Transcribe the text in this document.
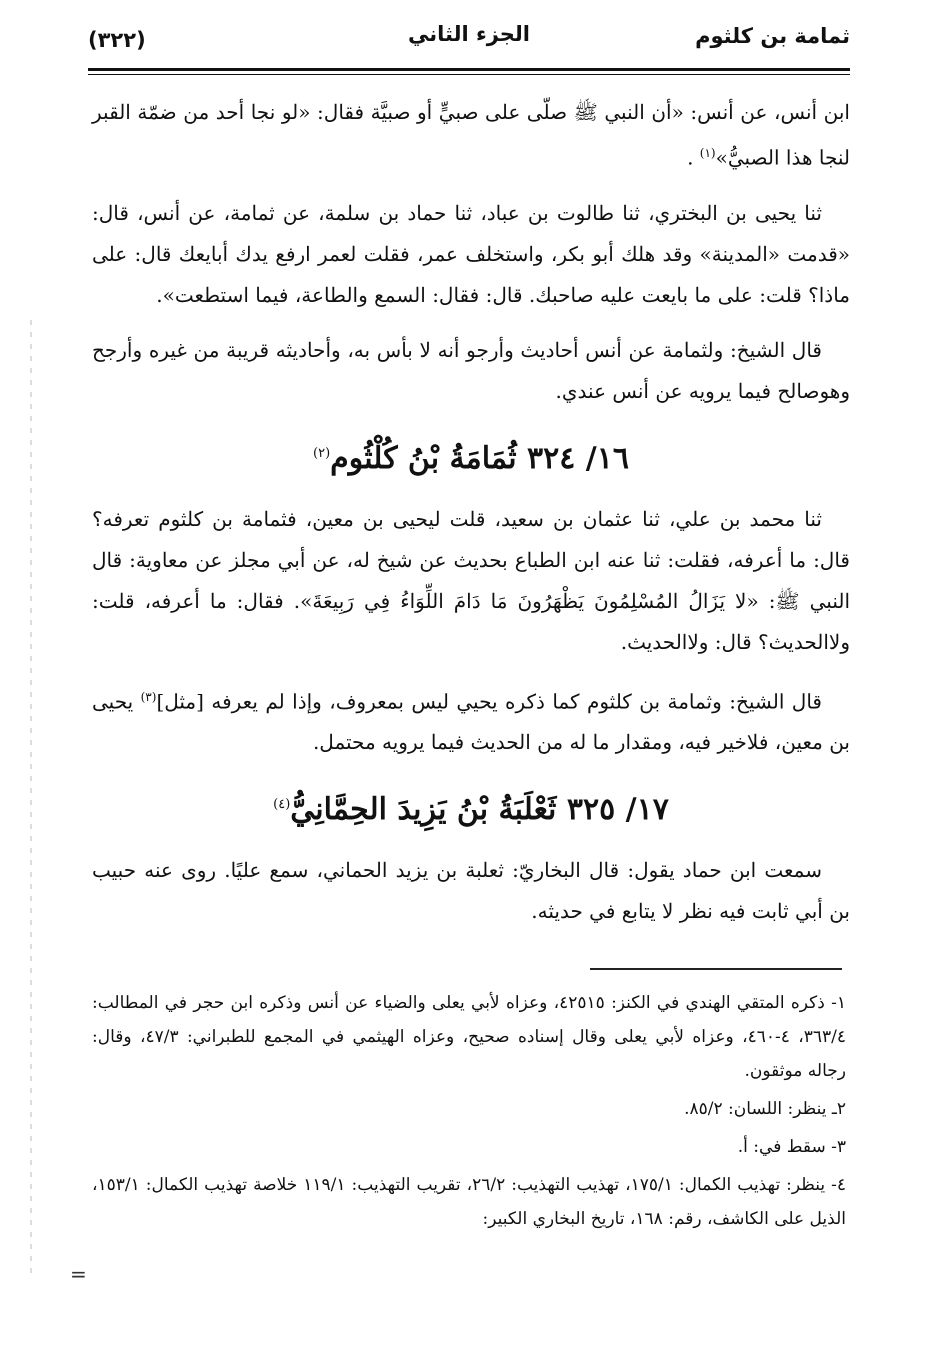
ثمامة بن كلثوم
الجزء الثاني
(٣٢٢)

ابن أنس، عن أنس: «أن النبي ﷺ صلّى على صبيٍّ أو صبيَّة فقال: «لو نجا أحد من ضمّة القبر لنجا هذا الصبيُّ»$^{(١)}$ .

ثنا يحيى بن البختري، ثنا طالوت بن عباد، ثنا حماد بن سلمة، عن ثمامة، عن أنس، قال: «قدمت «المدينة» وقد هلك أبو بكر، واستخلف عمر، فقلت لعمر ارفع يدك أبايعك قال: على ماذا؟ قلت: على ما بايعت عليه صاحبك. قال: فقال: السمع والطاعة، فيما استطعت».

قال الشيخ: ولثمامة عن أنس أحاديث وأرجو أنه لا بأس به، وأحاديثه قريبة من غيره وأرجح وهوصالح فيما يرويه عن أنس عندي.

١٦/ ٣٢٤ ثُمَامَةُ بْنُ كُلْثُوم$^{(٢)}$

ثنا محمد بن علي، ثنا عثمان بن سعيد، قلت ليحيى بن معين، فثمامة بن كلثوم تعرفه؟ قال: ما أعرفه، فقلت: ثنا عنه ابن الطباع بحديث عن شيخ له، عن أبي مجلز عن معاوية: قال النبي ﷺ: «لا يَزَالُ المُسْلِمُونَ يَظْهَرُونَ مَا دَامَ اللِّوَاءُ فِي رَبِيعَةَ». فقال: ما أعرفه، قلت: ولاالحديث؟ قال: ولاالحديث.

قال الشيخ: وثمامة بن كلثوم كما ذكره يحيي ليس بمعروف، وإذا لم يعرفه [مثل]$^{(٣)}$ يحيى بن معين، فلاخير فيه، ومقدار ما له من الحديث فيما يرويه محتمل.

١٧/ ٣٢٥ ثَعْلَبَةُ بْنُ يَزِيدَ الحِمَّانِيُّ$^{(٤)}$

سمعت ابن حماد يقول: قال البخاريّ: ثعلبة بن يزيد الحماني، سمع عليًا. روى عنه حبيب بن أبي ثابت فيه نظر لا يتابع في حديثه.

١- ذكره المتقي الهندي في الكنز: ٤٢٥١٥، وعزاه لأبي يعلى والضياء عن أنس وذكره ابن حجر في المطالب: ٣٦٣/٤، ٤-٤٦٠، وعزاه لأبي يعلى وقال إسناده صحيح، وعزاه الهيثمي في المجمع للطبراني: ٤٧/٣، وقال: رجاله موثقون.
٢ـ ينظر: اللسان: ٨٥/٢.
٣- سقط في: أ.
٤- ينظر: تهذيب الكمال: ١٧٥/١، تهذيب التهذيب: ٢٦/٢، تقريب التهذيب: ١١٩/١ خلاصة تهذيب الكمال: ١٥٣/١، الذيل على الكاشف، رقم: ١٦٨، تاريخ البخاري الكبير:
=
